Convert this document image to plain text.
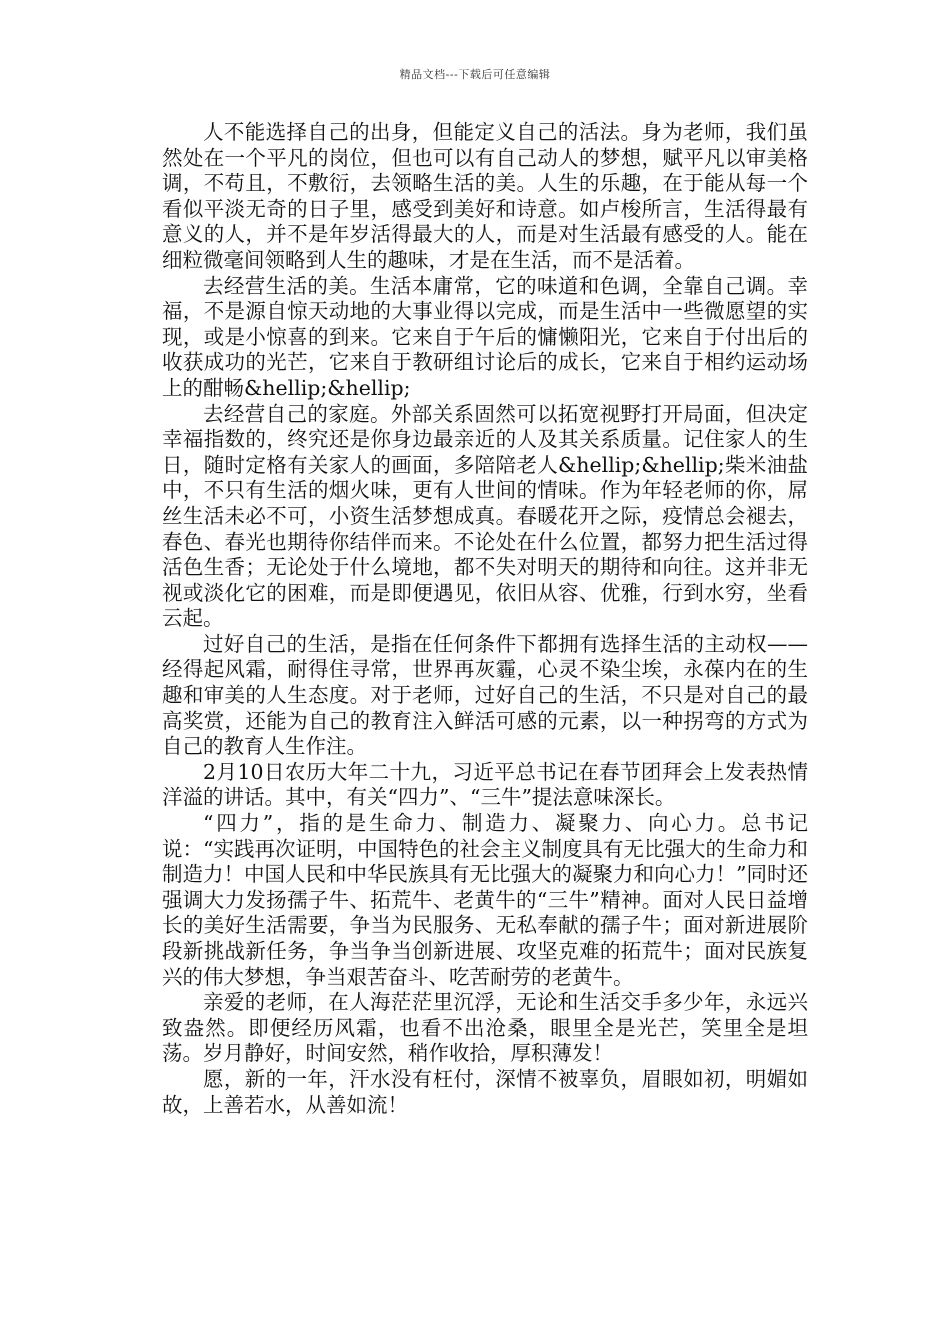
精品文档---下载后可任意编辑

人不能选择自己的出身，但能定义自己的活法。身为老师，我们虽然处在一个平凡的岗位，但也可以有自己动人的梦想，赋平凡以审美格调，不苟且，不敷衍，去领略生活的美。人生的乐趣，在于能从每一个看似平淡无奇的日子里，感受到美好和诗意。如卢梭所言，生活得最有意义的人，并不是年岁活得最大的人，而是对生活最有感受的人。能在细粒微毫间领略到人生的趣味，才是在生活，而不是活着。

去经营生活的美。生活本庸常，它的味道和色调，全靠自己调。幸福，不是源自惊天动地的大事业得以完成，而是生活中一些微愿望的实现，或是小惊喜的到来。它来自于午后的慵懒阳光，它来自于付出后的收获成功的光芒，它来自于教研组讨论后的成长，它来自于相约运动场上的酣畅&hellip;&hellip;

去经营自己的家庭。外部关系固然可以拓宽视野打开局面，但决定幸福指数的，终究还是你身边最亲近的人及其关系质量。记住家人的生日，随时定格有关家人的画面，多陪陪老人&hellip;&hellip;柴米油盐中，不只有生活的烟火味，更有人世间的情味。作为年轻老师的你，屌丝生活未必不可，小资生活梦想成真。春暖花开之际，疫情总会褪去，春色、春光也期待你结伴而来。不论处在什么位置，都努力把生活过得活色生香；无论处于什么境地，都不失对明天的期待和向往。这并非无视或淡化它的困难，而是即便遇见，依旧从容、优雅，行到水穷，坐看云起。

过好自己的生活，是指在任何条件下都拥有选择生活的主动权——经得起风霜，耐得住寻常，世界再灰霾，心灵不染尘埃，永葆内在的生趣和审美的人生态度。对于老师，过好自己的生活，不只是对自己的最高奖赏，还能为自己的教育注入鲜活可感的元素，以一种拐弯的方式为自己的教育人生作注。

2月10日农历大年二十九，习近平总书记在春节团拜会上发表热情洋溢的讲话。其中，有关“四力”、“三牛”提法意味深长。

“四力”，指的是生命力、制造力、凝聚力、向心力。总书记说：“实践再次证明，中国特色的社会主义制度具有无比强大的生命力和制造力！中国人民和中华民族具有无比强大的凝聚力和向心力！”同时还强调大力发扬孺子牛、拓荒牛、老黄牛的“三牛”精神。面对人民日益增长的美好生活需要，争当为民服务、无私奉献的孺子牛；面对新进展阶段新挑战新任务，争当争当创新进展、攻坚克难的拓荒牛；面对民族复兴的伟大梦想，争当艰苦奋斗、吃苦耐劳的老黄牛。

亲爱的老师，在人海茫茫里沉浮，无论和生活交手多少年，永远兴致盎然。即便经历风霜，也看不出沧桑，眼里全是光芒，笑里全是坦荡。岁月静好，时间安然，稍作收拾，厚积薄发！

愿，新的一年，汗水没有枉付，深情不被辜负，眉眼如初，明媚如故，上善若水，从善如流！
